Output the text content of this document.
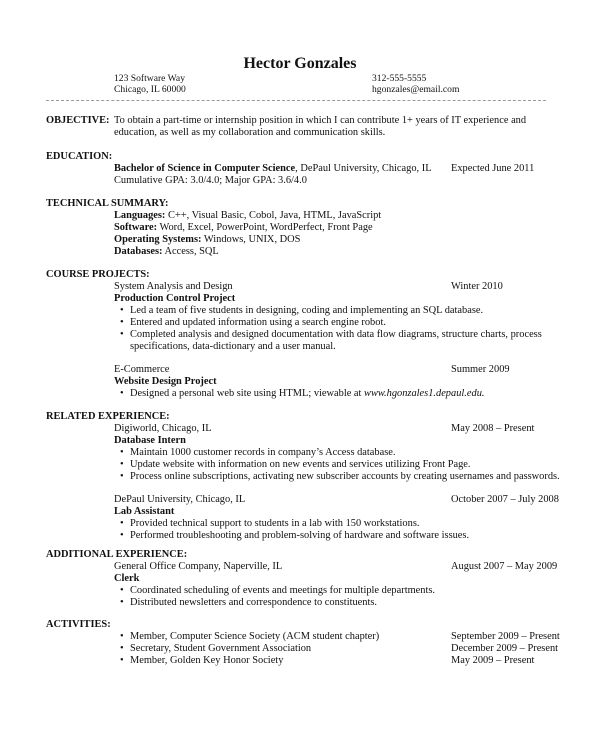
Hector Gonzales
123 Software Way
Chicago, IL 60000
312-555-5555
hgonzales@email.com
OBJECTIVE: To obtain a part-time or internship position in which I can contribute 1+ years of IT experience and
education, as well as my collaboration and communication skills.
EDUCATION:
Bachelor of Science in Computer Science, DePaul University, Chicago, IL Expected June 2011
Cumulative GPA: 3.0/4.0; Major GPA: 3.6/4.0
TECHNICAL SUMMARY:
Languages: C++, Visual Basic, Cobol, Java, HTML, JavaScript
Software: Word, Excel, PowerPoint, WordPerfect, Front Page
Operating Systems: Windows, UNIX, DOS
Databases: Access, SQL
COURSE PROJECTS:
System Analysis and Design	Winter 2010
Production Control Project
• Led a team of five students in designing, coding and implementing an SQL database.
• Entered and updated information using a search engine robot.
• Completed analysis and designed documentation with data flow diagrams, structure charts, process
specifications, data-dictionary and a user manual.
E-Commerce	Summer 2009
Website Design Project
• Designed a personal web site using HTML; viewable at www.hgonzales1.depaul.edu.
RELATED EXPERIENCE:
Digiworld, Chicago, IL	May 2008 – Present
Database Intern
• Maintain 1000 customer records in company’s Access database.
• Update website with information on new events and services utilizing Front Page.
• Process online subscriptions, activating new subscriber accounts by creating usernames and passwords.
DePaul University, Chicago, IL	October 2007 – July 2008
Lab Assistant
• Provided technical support to students in a lab with 150 workstations.
• Performed troubleshooting and problem-solving of hardware and software issues.
ADDITIONAL EXPERIENCE:
General Office Company, Naperville, IL	August 2007 – May 2009
Clerk
• Coordinated scheduling of events and meetings for multiple departments.
• Distributed newsletters and correspondence to constituents.
ACTIVITIES:
• Member, Computer Science Society (ACM student chapter)	September 2009 – Present
• Secretary, Student Government Association	December 2009 – Present
• Member, Golden Key Honor Society	May 2009 – Present
